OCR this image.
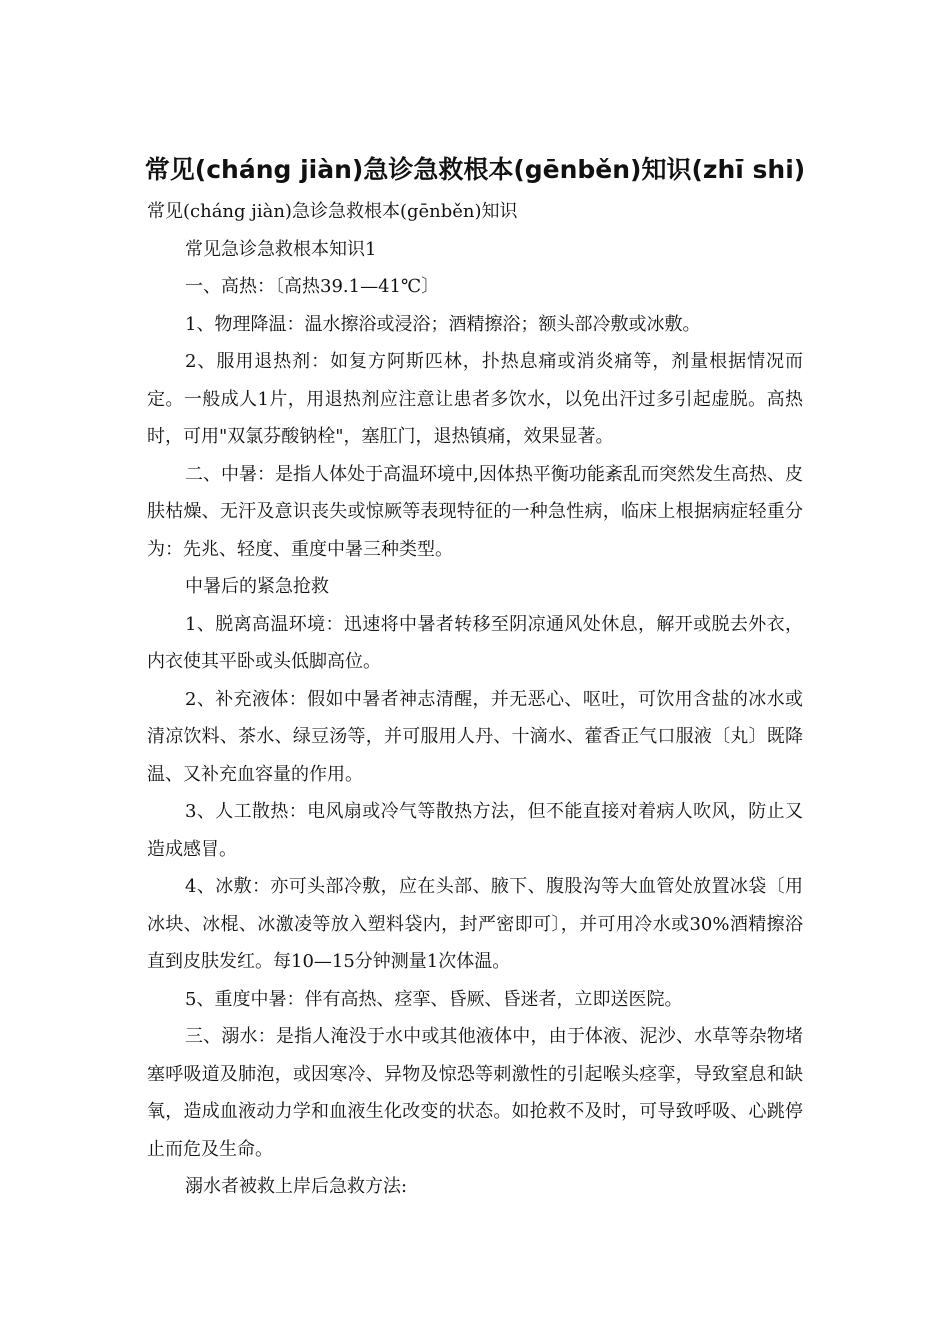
常见(cháng jiàn)急诊急救根本(gēnběn)知识(zhī shi)

常见(cháng jiàn)急诊急救根本(gēnběn)知识

常见急诊急救根本知识1

一、高热：〔高热39.1—41℃〕

1、物理降温：温水擦浴或浸浴；酒精擦浴；额头部冷敷或冰敷。

2、服用退热剂：如复方阿斯匹林，扑热息痛或消炎痛等，剂量根据情况而定。一般成人1片，用退热剂应注意让患者多饮水，以免出汗过多引起虚脱。高热时，可用"双氯芬酸钠栓"，塞肛门，退热镇痛，效果显著。

二、中暑：是指人体处于高温环境中,因体热平衡功能紊乱而突然发生高热、皮肤枯燥、无汗及意识丧失或惊厥等表现特征的一种急性病，临床上根据病症轻重分为：先兆、轻度、重度中暑三种类型。

中暑后的紧急抢救

1、脱离高温环境：迅速将中暑者转移至阴凉通风处休息，解开或脱去外衣，内衣使其平卧或头低脚高位。

2、补充液体：假如中暑者神志清醒，并无恶心、呕吐，可饮用含盐的冰水或清凉饮料、茶水、绿豆汤等，并可服用人丹、十滴水、藿香正气口服液〔丸〕既降温、又补充血容量的作用。

3、人工散热：电风扇或冷气等散热方法，但不能直接对着病人吹风，防止又造成感冒。

4、冰敷：亦可头部冷敷，应在头部、腋下、腹股沟等大血管处放置冰袋〔用冰块、冰棍、冰激凌等放入塑料袋内，封严密即可〕，并可用冷水或30%酒精擦浴直到皮肤发红。每10—15分钟测量1次体温。

5、重度中暑：伴有高热、痉挛、昏厥、昏迷者，立即送医院。

三、溺水：是指人淹没于水中或其他液体中，由于体液、泥沙、水草等杂物堵塞呼吸道及肺泡，或因寒冷、异物及惊恐等刺激性的引起喉头痉挛，导致窒息和缺氧，造成血液动力学和血液生化改变的状态。如抢救不及时，可导致呼吸、心跳停止而危及生命。

溺水者被救上岸后急救方法:
